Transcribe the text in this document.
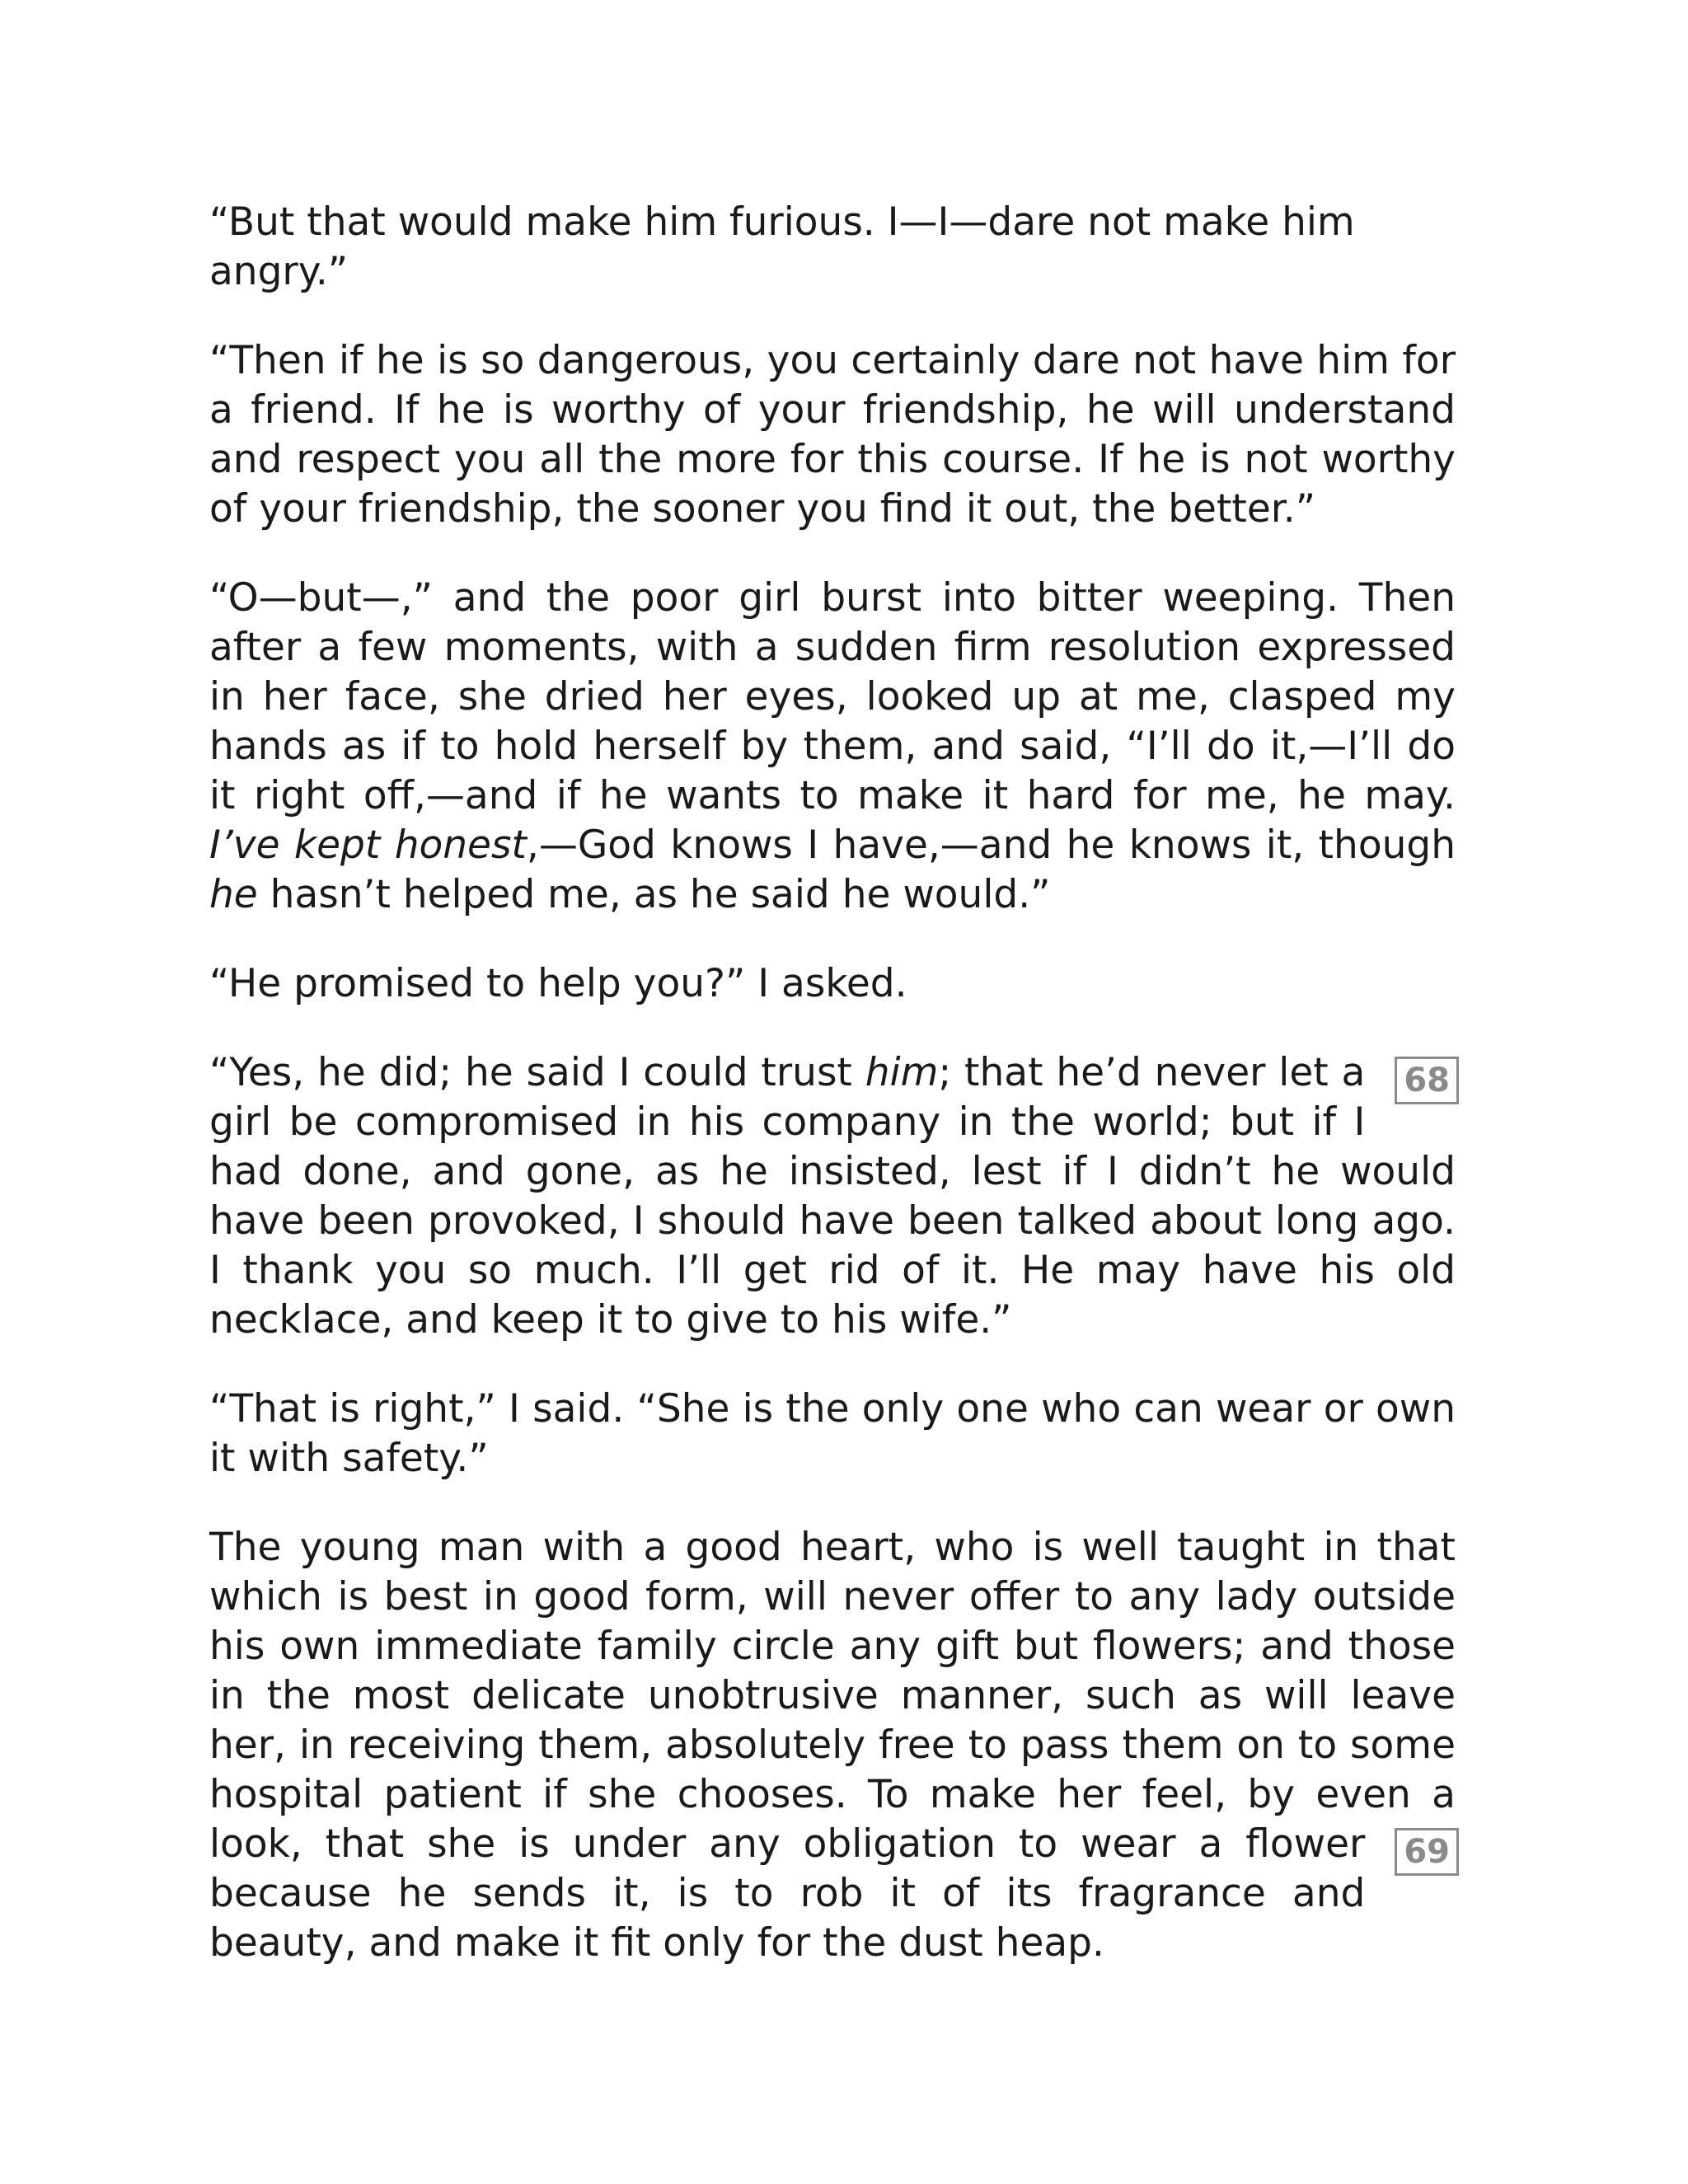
“But that would make him furious. I—I—dare not make him angry.”

“Then if he is so dangerous, you certainly dare not have him for a friend. If he is worthy of your friendship, he will understand and respect you all the more for this course. If he is not worthy of your friendship, the sooner you find it out, the better.”

“O—but—,” and the poor girl burst into bitter weeping. Then after a few moments, with a sudden firm resolution expressed in her face, she dried her eyes, looked up at me, clasped my hands as if to hold herself by them, and said, “I’ll do it,—I’ll do it right off,—and if he wants to make it hard for me, he may. I’ve kept honest,—God knows I have,—and he knows it, though he hasn’t helped me, as he said he would.”

“He promised to help you?” I asked.

68
“Yes, he did; he said I could trust him; that he’d never let a girl be compromised in his company in the world; but if I had done, and gone, as he insisted, lest if I didn’t he would have been provoked, I should have been talked about long ago. I thank you so much. I’ll get rid of it. He may have his old necklace, and keep it to give to his wife.”

“That is right,” I said. “She is the only one who can wear or own it with safety.”

The young man with a good heart, who is well taught in that which is best in good form, will never offer to any lady outside his own immediate family circle any gift but flowers; and those in the most delicate unobtrusive manner, such as will leave her, in receiving them, absolutely free to pass them on to some hospital patient if she chooses. To make her feel, by even a look, that she is under any	69
obligation to wear a flower because he sends it, is to rob it of its fragrance and beauty, and make it fit only for the dust heap.
